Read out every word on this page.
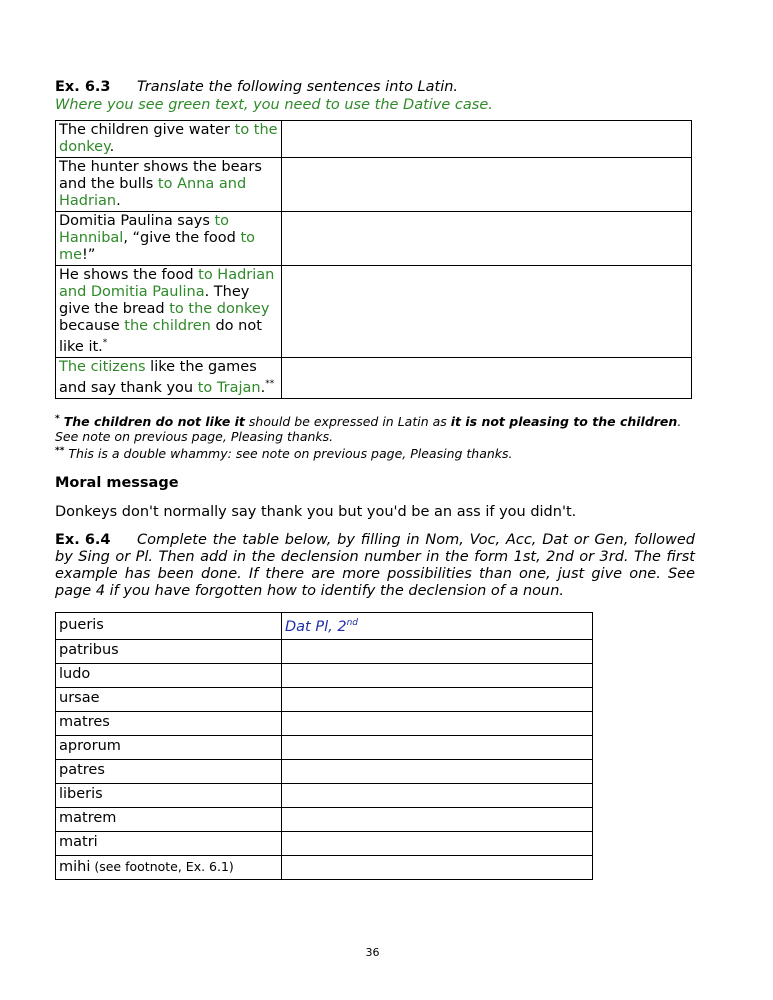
Ex. 6.3 Translate the following sentences into Latin.
Where you see green text, you need to use the Dative case.
The children give water to the donkey.	
The hunter shows the bears and the bulls to Anna and Hadrian.	
Domitia Paulina says to Hannibal, “give the food to me!”	
He shows the food to Hadrian and Domitia Paulina. They give the bread to the donkey because the children do not like it.*	
The citizens like the games and say thank you to Trajan.**	
* The children do not like it should be expressed in Latin as it is not pleasing to the children.
See note on previous page, Pleasing thanks.
** This is a double whammy: see note on previous page, Pleasing thanks.
Moral message
Donkeys don't normally say thank you but you'd be an ass if you didn't.
Ex. 6.4 Complete the table below, by filling in Nom, Voc, Acc, Dat or Gen, followed by Sing or Pl. Then add in the declension number in the form 1st, 2nd or 3rd. The first example has been done. If there are more possibilities than one, just give one. See page 4 if you have forgotten how to identify the declension of a noun.
pueris	Dat Pl, 2nd
patribus	
ludo	
ursae	
matres	
aprorum	
patres	
liberis	
matrem	
matri	
mihi (see footnote, Ex. 6.1)	
36
